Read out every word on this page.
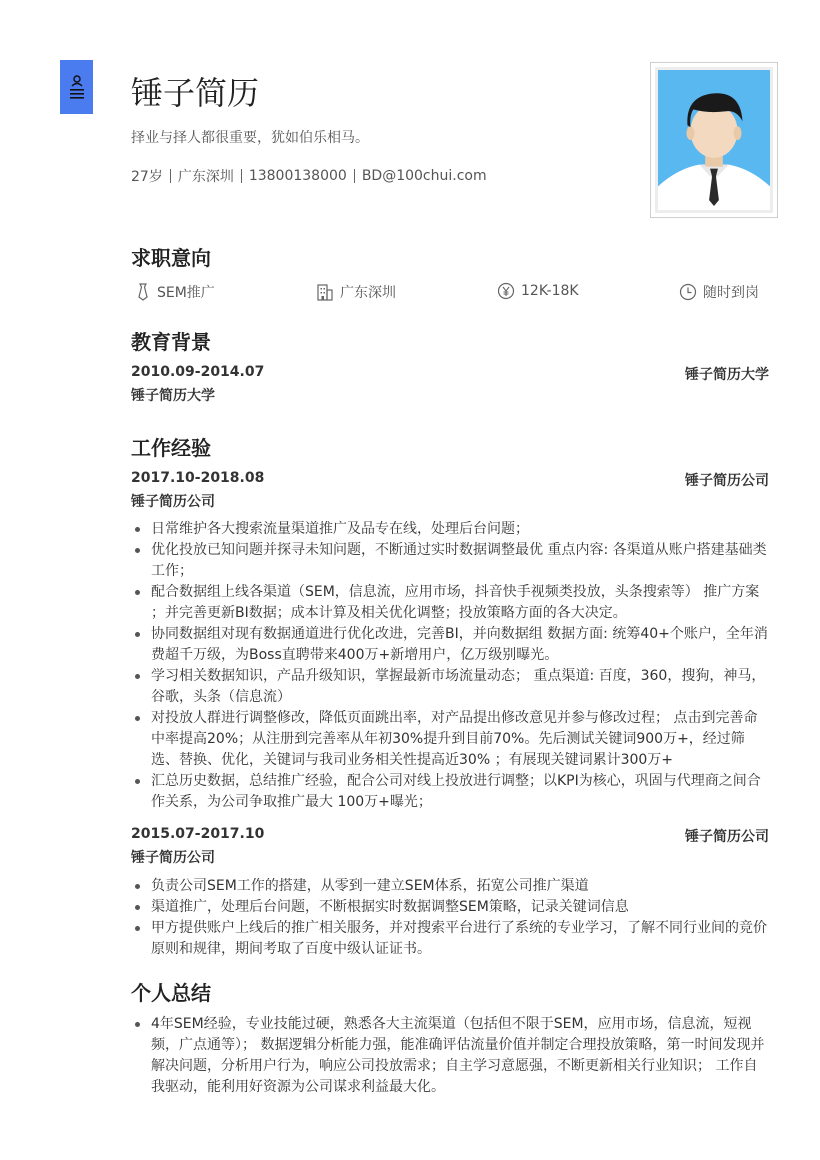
锤子简历
择业与择人都很重要，犹如伯乐相马。
27岁 广东深圳 13800138000 BD@100chui.com
求职意向
SEM推广	广东深圳	12K-18K	随时到岗
教育背景
2010.09-2014.07	锤子简历大学
锤子简历大学
工作经验
2017.10-2018.08	锤子简历公司
锤子简历公司
日常维护各大搜索流量渠道推广及品专在线，处理后台问题；
优化投放已知问题并探寻未知问题，不断通过实时数据调整最优 重点内容: 各渠道从账户搭建基础类工作；
配合数据组上线各渠道（SEM，信息流，应用市场，抖音快手视频类投放，头条搜索等） 推广方案 ；并完善更新BI数据；成本计算及相关优化调整；投放策略方面的各大决定。
协同数据组对现有数据通道进行优化改进，完善BI，并向数据组 数据方面: 统筹40+个账户，全年消费超千万级，为Boss直聘带来400万+新增用户，亿万级别曝光。
学习相关数据知识，产品升级知识，掌握最新市场流量动态； 重点渠道: 百度，360，搜狗，神马，谷歌，头条（信息流）
对投放人群进行调整修改，降低页面跳出率，对产品提出修改意见并参与修改过程； 点击到完善命中率提高20%；从注册到完善率从年初30%提升到目前70%。先后测试关键词900万+，经过筛选、替换、优化，关键词与我司业务相关性提高近30% ；有展现关键词累计300万+
汇总历史数据，总结推广经验，配合公司对线上投放进行调整；以KPI为核心，巩固与代理商之间合作关系，为公司争取推广最大 100万+曝光；
2015.07-2017.10	锤子简历公司
锤子简历公司
负责公司SEM工作的搭建，从零到一建立SEM体系，拓宽公司推广渠道
渠道推广，处理后台问题，不断根据实时数据调整SEM策略，记录关键词信息
甲方提供账户上线后的推广相关服务，并对搜索平台进行了系统的专业学习，了解不同行业间的竞价原则和规律，期间考取了百度中级认证证书。
个人总结
4年SEM经验，专业技能过硬，熟悉各大主流渠道（包括但不限于SEM，应用市场，信息流，短视频，广点通等）； 数据逻辑分析能力强，能准确评估流量价值并制定合理投放策略，第一时间发现并解决问题，分析用户行为，响应公司投放需求；自主学习意愿强，不断更新相关行业知识； 工作自我驱动，能利用好资源为公司谋求利益最大化。
